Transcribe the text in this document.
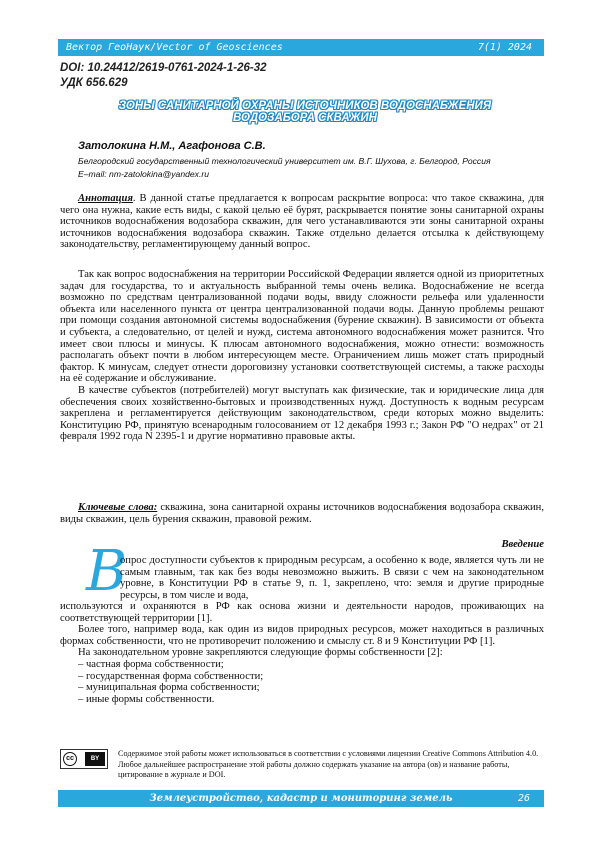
Вектор ГеоНаук/Vector of Geosciences	7(1) 2024
DOI: 10.24412/2619-0761-2024-1-26-32
УДК 656.629
ЗОНЫ САНИТАРНОЙ ОХРАНЫ ИСТОЧНИКОВ ВОДОСНАБЖЕНИЯ
ВОДОЗАБОРА СКВАЖИН
Затолокина Н.М., Агафонова С.В.
Белгородский государственный технологический университет им. В.Г. Шухова, г. Белгород, Россия
E–mail: nm-zatolokina@yandex.ru

Аннотация. В данной статье предлагается к вопросам раскрытие вопроса: что такое скважина, для чего она нужна, какие есть виды, с какой целью её бурят, раскрывается понятие зоны санитарной охраны источников водоснабжения водозабора скважин, для чего устанавливаются эти зоны санитарной охраны источников водоснабжения водозабора скважин. Также отдельно делается отсылка к действующему законодательству, регламентирующему данный вопрос.

Так как вопрос водоснабжения на территории Российской Федерации является одной из приоритетных задач для государства, то и актуальность выбранной темы очень велика. Водоснабжение не всегда возможно по средствам централизованной подачи воды, ввиду сложности рельефа или удаленности объекта или населенного пункта от центра централизованной подачи воды. Данную проблемы решают при помощи создания автономной системы водоснабжения (бурение скважин). В зависимости от объекта и субъекта, а следовательно, от целей и нужд, система автономного водоснабжения может разнится. Что имеет свои плюсы и минусы. К плюсам автономного водоснабжения, можно отнести: возможность располагать объект почти в любом интересующем месте. Ограничением лишь может стать природный фактор. К минусам, следует отнести дороговизну установки соответствующей системы, а также расходы на её содержание и обслуживание.

В качестве субъектов (потребителей) могут выступать как физические, так и юридические лица для обеспечения своих хозяйственно-бытовых и производственных нужд. Доступность к водным ресурсам закреплена и регламентируется действующим законодательством, среди которых можно выделить: Конституцию РФ, принятую всенародным голосованием от 12 декабря 1993 г.; Закон РФ "О недрах" от 21 февраля 1992 года N 2395-1 и другие нормативно правовые акты.

Ключевые слова: скважина, зона санитарной охраны источников водоснабжения водозабора скважин, виды скважин, цель бурения скважин, правовой режим.

Введение
В
опрос доступности субъектов к природным ресурсам, а особенно к воде, является чуть ли не самым главным, так как без воды невозможно выжить. В связи с чем на законодательном уровне, в Конституции РФ в статье 9, п. 1, закреплено, что: земля и другие природные ресурсы, в том числе и вода,

используются и охраняются в РФ как основа жизни и деятельности народов, проживающих на соответствующей территории [1].

Более того, например вода, как один из видов природных ресурсов, может находиться в различных формах собственности, что не противоречит положению и смыслу ст. 8 и 9 Конституции РФ [1].

На законодательном уровне закрепляются следующие формы собственности [2]:

– частная форма собственности;

– государственная форма собственности;

– муниципальная форма собственности;

– иные формы собственности.

cc	BY
Содержимое этой работы может использоваться в соответствии с условиями лицензии Creative Commons Attribution 4.0. Любое дальнейшее распространение этой работы должно содержать указание на автора (ов) и название работы, цитирование в журнале и DOI.
Землеустройство, кадастр и мониторинг земель	26
